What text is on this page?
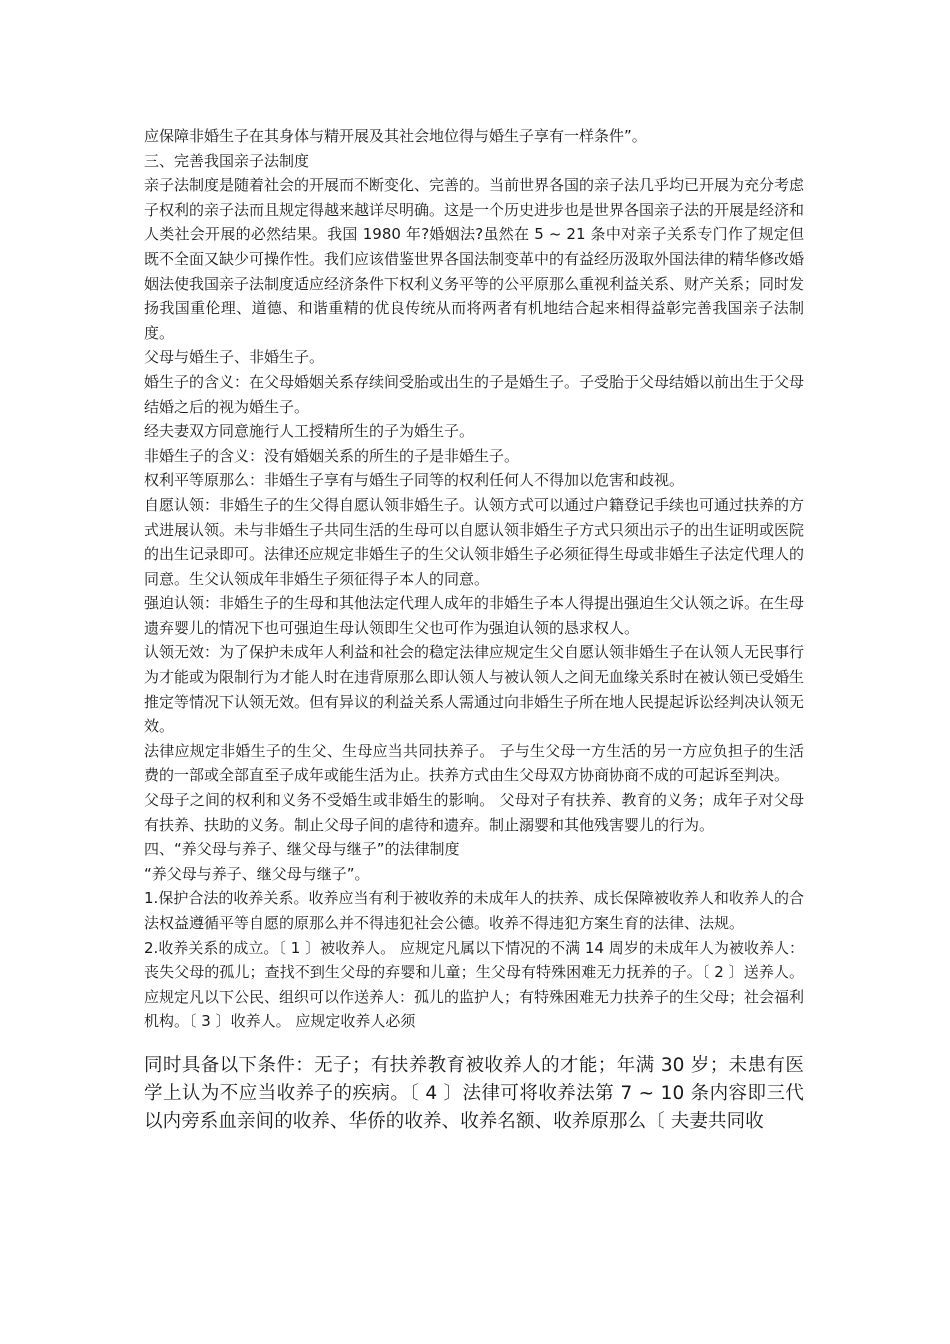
应保障非婚生子在其身体与精开展及其社会地位得与婚生子享有一样条件”。

三、完善我国亲子法制度

亲子法制度是随着社会的开展而不断变化、完善的。当前世界各国的亲子法几乎均已开展为充分考虑子权利的亲子法而且规定得越来越详尽明确。这是一个历史进步也是世界各国亲子法的开展是经济和人类社会开展的必然结果。我国 1980 年?婚姻法?虽然在 5 ~ 21 条中对亲子关系专门作了规定但既不全面又缺少可操作性。我们应该借鉴世界各国法制变革中的有益经历汲取外国法律的精华修改婚姻法使我国亲子法制度适应经济条件下权利义务平等的公平原那么重视利益关系、财产关系；同时发扬我国重伦理、道德、和谐重精的优良传统从而将两者有机地结合起来相得益彰完善我国亲子法制度。

父母与婚生子、非婚生子。

婚生子的含义：在父母婚姻关系存续间受胎或出生的子是婚生子。子受胎于父母结婚以前出生于父母结婚之后的视为婚生子。

经夫妻双方同意施行人工授精所生的子为婚生子。

非婚生子的含义：没有婚姻关系的所生的子是非婚生子。

权利平等原那么：非婚生子享有与婚生子同等的权利任何人不得加以危害和歧视。

自愿认领：非婚生子的生父得自愿认领非婚生子。认领方式可以通过户籍登记手续也可通过扶养的方式进展认领。未与非婚生子共同生活的生母可以自愿认领非婚生子方式只须出示子的出生证明或医院的出生记录即可。法律还应规定非婚生子的生父认领非婚生子必须征得生母或非婚生子法定代理人的同意。生父认领成年非婚生子须征得子本人的同意。

强迫认领：非婚生子的生母和其他法定代理人成年的非婚生子本人得提出强迫生父认领之诉。在生母遗弃婴儿的情况下也可强迫生母认领即生父也可作为强迫认领的恳求权人。

认领无效：为了保护未成年人利益和社会的稳定法律应规定生父自愿认领非婚生子在认领人无民事行为才能或为限制行为才能人时在违背原那么即认领人与被认领人之间无血缘关系时在被认领已受婚生推定等情况下认领无效。但有异议的利益关系人需通过向非婚生子所在地人民提起诉讼经判决认领无效。

法律应规定非婚生子的生父、生母应当共同扶养子。 子与生父母一方生活的另一方应负担子的生活费的一部或全部直至子成年或能生活为止。扶养方式由生父母双方协商协商不成的可起诉至判决。

父母子之间的权利和义务不受婚生或非婚生的影响。 父母对子有扶养、教育的义务；成年子对父母有扶养、扶助的义务。制止父母子间的虐待和遗弃。制止溺婴和其他残害婴儿的行为。

四、“养父母与养子、继父母与继子”的法律制度

“养父母与养子、继父母与继子”。

1.保护合法的收养关系。收养应当有利于被收养的未成年人的扶养、成长保障被收养人和收养人的合法权益遵循平等自愿的原那么并不得违犯社会公德。收养不得违犯方案生育的法律、法规。

2.收养关系的成立。〔 1 〕被收养人。 应规定凡属以下情况的不满 14 周岁的未成年人为被收养人：丧失父母的孤儿；查找不到生父母的弃婴和儿童；生父母有特殊困难无力抚养的子。〔 2 〕送养人。 应规定凡以下公民、组织可以作送养人：孤儿的监护人；有特殊困难无力扶养子的生父母；社会福利机构。〔 3 〕收养人。 应规定收养人必须

同时具备以下条件：无子；有扶养教育被收养人的才能；年满 30 岁；未患有医学上认为不应当收养子的疾病。〔 4 〕法律可将收养法第 7 ~ 10 条内容即三代以内旁系血亲间的收养、华侨的收养、收养名额、收养原那么〔 夫妻共同收
